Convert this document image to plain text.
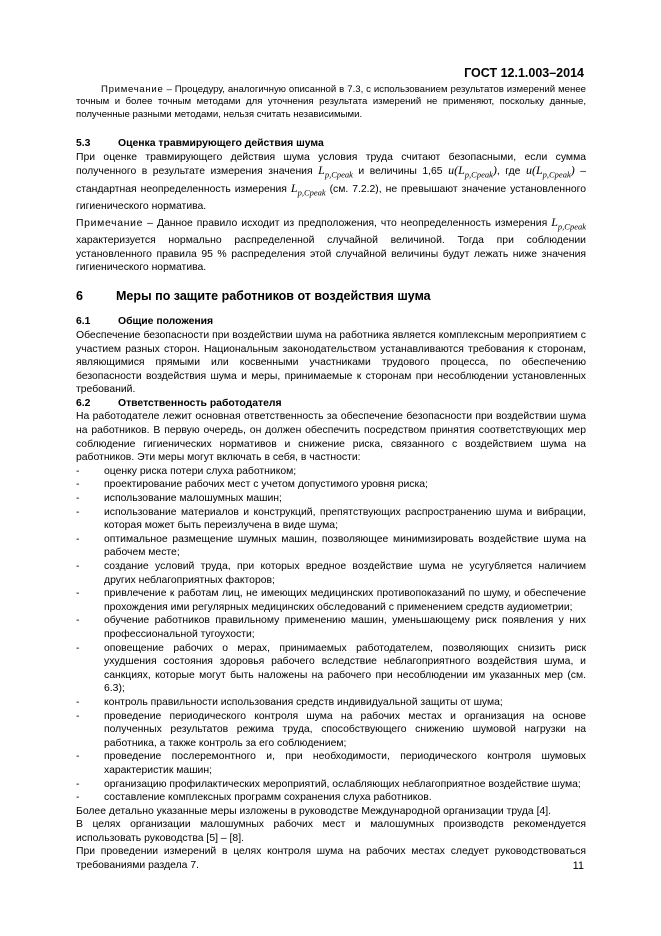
ГОСТ 12.1.003–2014

Примечание – Процедуру, аналогичную описанной в 7.3, с использованием результатов измерений менее точным и более точным методами для уточнения результата измерений не применяют, поскольку данные, полученные разными методами, нельзя считать независимыми.

5.3	Оценка травмирующего действия шума

При оценке травмирующего действия шума условия труда считают безопасными, если сумма полученного в результате измерения значения $L_{p,Cpeak}$ и величины 1,65 $u(L_{p,Cpeak})$, где $u(L_{p,Cpeak})$ – стандартная неопределенность измерения $L_{p,Cpeak}$ (см. 7.2.2), не превышают значение установленного гигиенического норматива.

Примечание – Данное правило исходит из предположения, что неопределенность измерения $L_{p,Cpeak}$ характеризуется нормально распределенной случайной величиной. Тогда при соблюдении установленного правила 95 % распределения этой случайной величины будут лежать ниже значения гигиенического норматива.

6	Меры по защите работников от воздействия шума
6.1	Общие положения

Обеспечение безопасности при воздействии шума на работника является комплексным мероприятием с участием разных сторон. Национальным законодательством устанавливаются требования к сторонам, являющимися прямыми или косвенными участниками трудового процесса, по обеспечению безопасности воздействия шума и меры, принимаемые к сторонам при несоблюдении установленных требований.

6.2	Ответственность работодателя

На работодателе лежит основная ответственность за обеспечение безопасности при воздействии шума на работников. В первую очередь, он должен обеспечить посредством принятия соответствующих мер соблюдение гигиенических нормативов и снижение риска, связанного с воздействием шума на работников. Эти меры могут включать в себя, в частности:

-	оценку риска потери слуха работником;
-	проектирование рабочих мест с учетом допустимого уровня риска;
-	использование малошумных машин;
-	использование материалов и конструкций, препятствующих распространению шума и вибрации, которая может быть переизлучена в виде шума;
-	оптимальное размещение шумных машин, позволяющее минимизировать воздействие шума на рабочем месте;
-	создание условий труда, при которых вредное воздействие шума не усугубляется наличием других неблагоприятных факторов;
-	привлечение к работам лиц, не имеющих медицинских противопоказаний по шуму, и обеспечение прохождения ими регулярных медицинских обследований с применением средств аудиометрии;
-	обучение работников правильному применению машин, уменьшающему риск появления у них профессиональной тугоухости;
-	оповещение рабочих о мерах, принимаемых работодателем, позволяющих снизить риск ухудшения состояния здоровья рабочего вследствие неблагоприятного воздействия шума, и санкциях, которые могут быть наложены на рабочего при несоблюдении им указанных мер (см. 6.3);
-	контроль правильности использования средств индивидуальной защиты от шума;
-	проведение периодического контроля шума на рабочих местах и организация на основе полученных результатов режима труда, способствующего снижению шумовой нагрузки на работника, а также контроль за его соблюдением;
-	проведение послеремонтного и, при необходимости, периодического контроля шумовых характеристик машин;
-	организацию профилактических мероприятий, ослабляющих неблагоприятное воздействие шума;
-	составление комплексных программ сохранения слуха работников.

Более детально указанные меры изложены в руководстве Международной организации труда [4].

В целях организации малошумных рабочих мест и малошумных производств рекомендуется использовать руководства [5] – [8].

При проведении измерений в целях контроля шума на рабочих местах следует руководствоваться требованиями раздела 7.	11
